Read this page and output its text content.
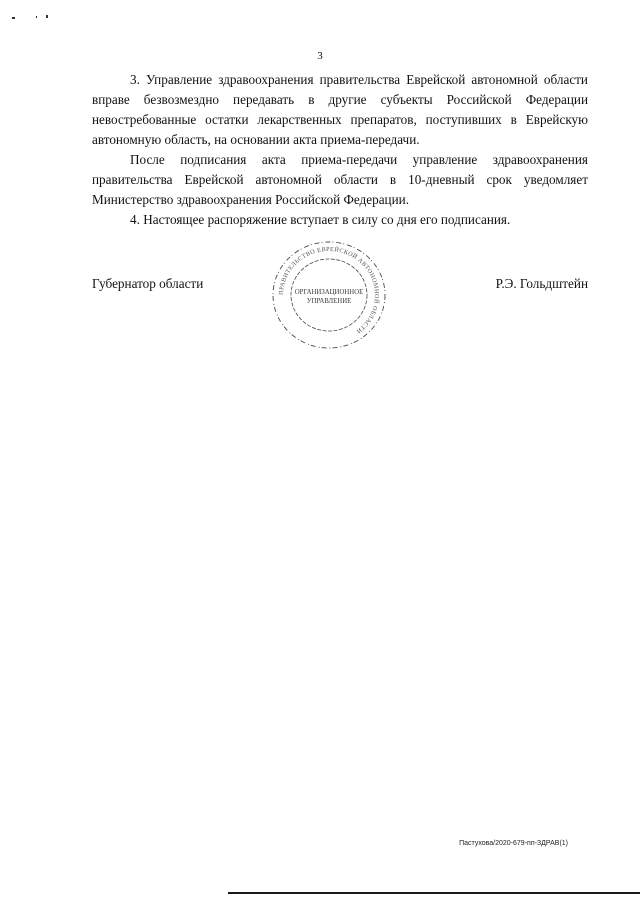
3

3. Управление здравоохранения правительства Еврейской автономной области вправе безвозмездно передавать в другие субъекты Российской Федерации невостребованные остатки лекарственных препаратов, поступивших в Еврейскую автономную область, на основании акта приема-передачи.

После подписания акта приема-передачи управление здравоохранения правительства Еврейской автономной области в 10-дневный срок уведомляет Министерство здравоохранения Российской Федерации.

4. Настоящее распоряжение вступает в силу со дня его подписания.

Губернатор области	Р.Э. Гольдштейн
ПРАВИТЕЛЬСТВО ЕВРЕЙСКОЙ АВТОНОМНОЙ ОБЛАСТИ
ОРГАНИЗАЦИОННОЕ
УПРАВЛЕНИЕ
Пастухова/2020-679-пп-ЗДРАВ(1)
